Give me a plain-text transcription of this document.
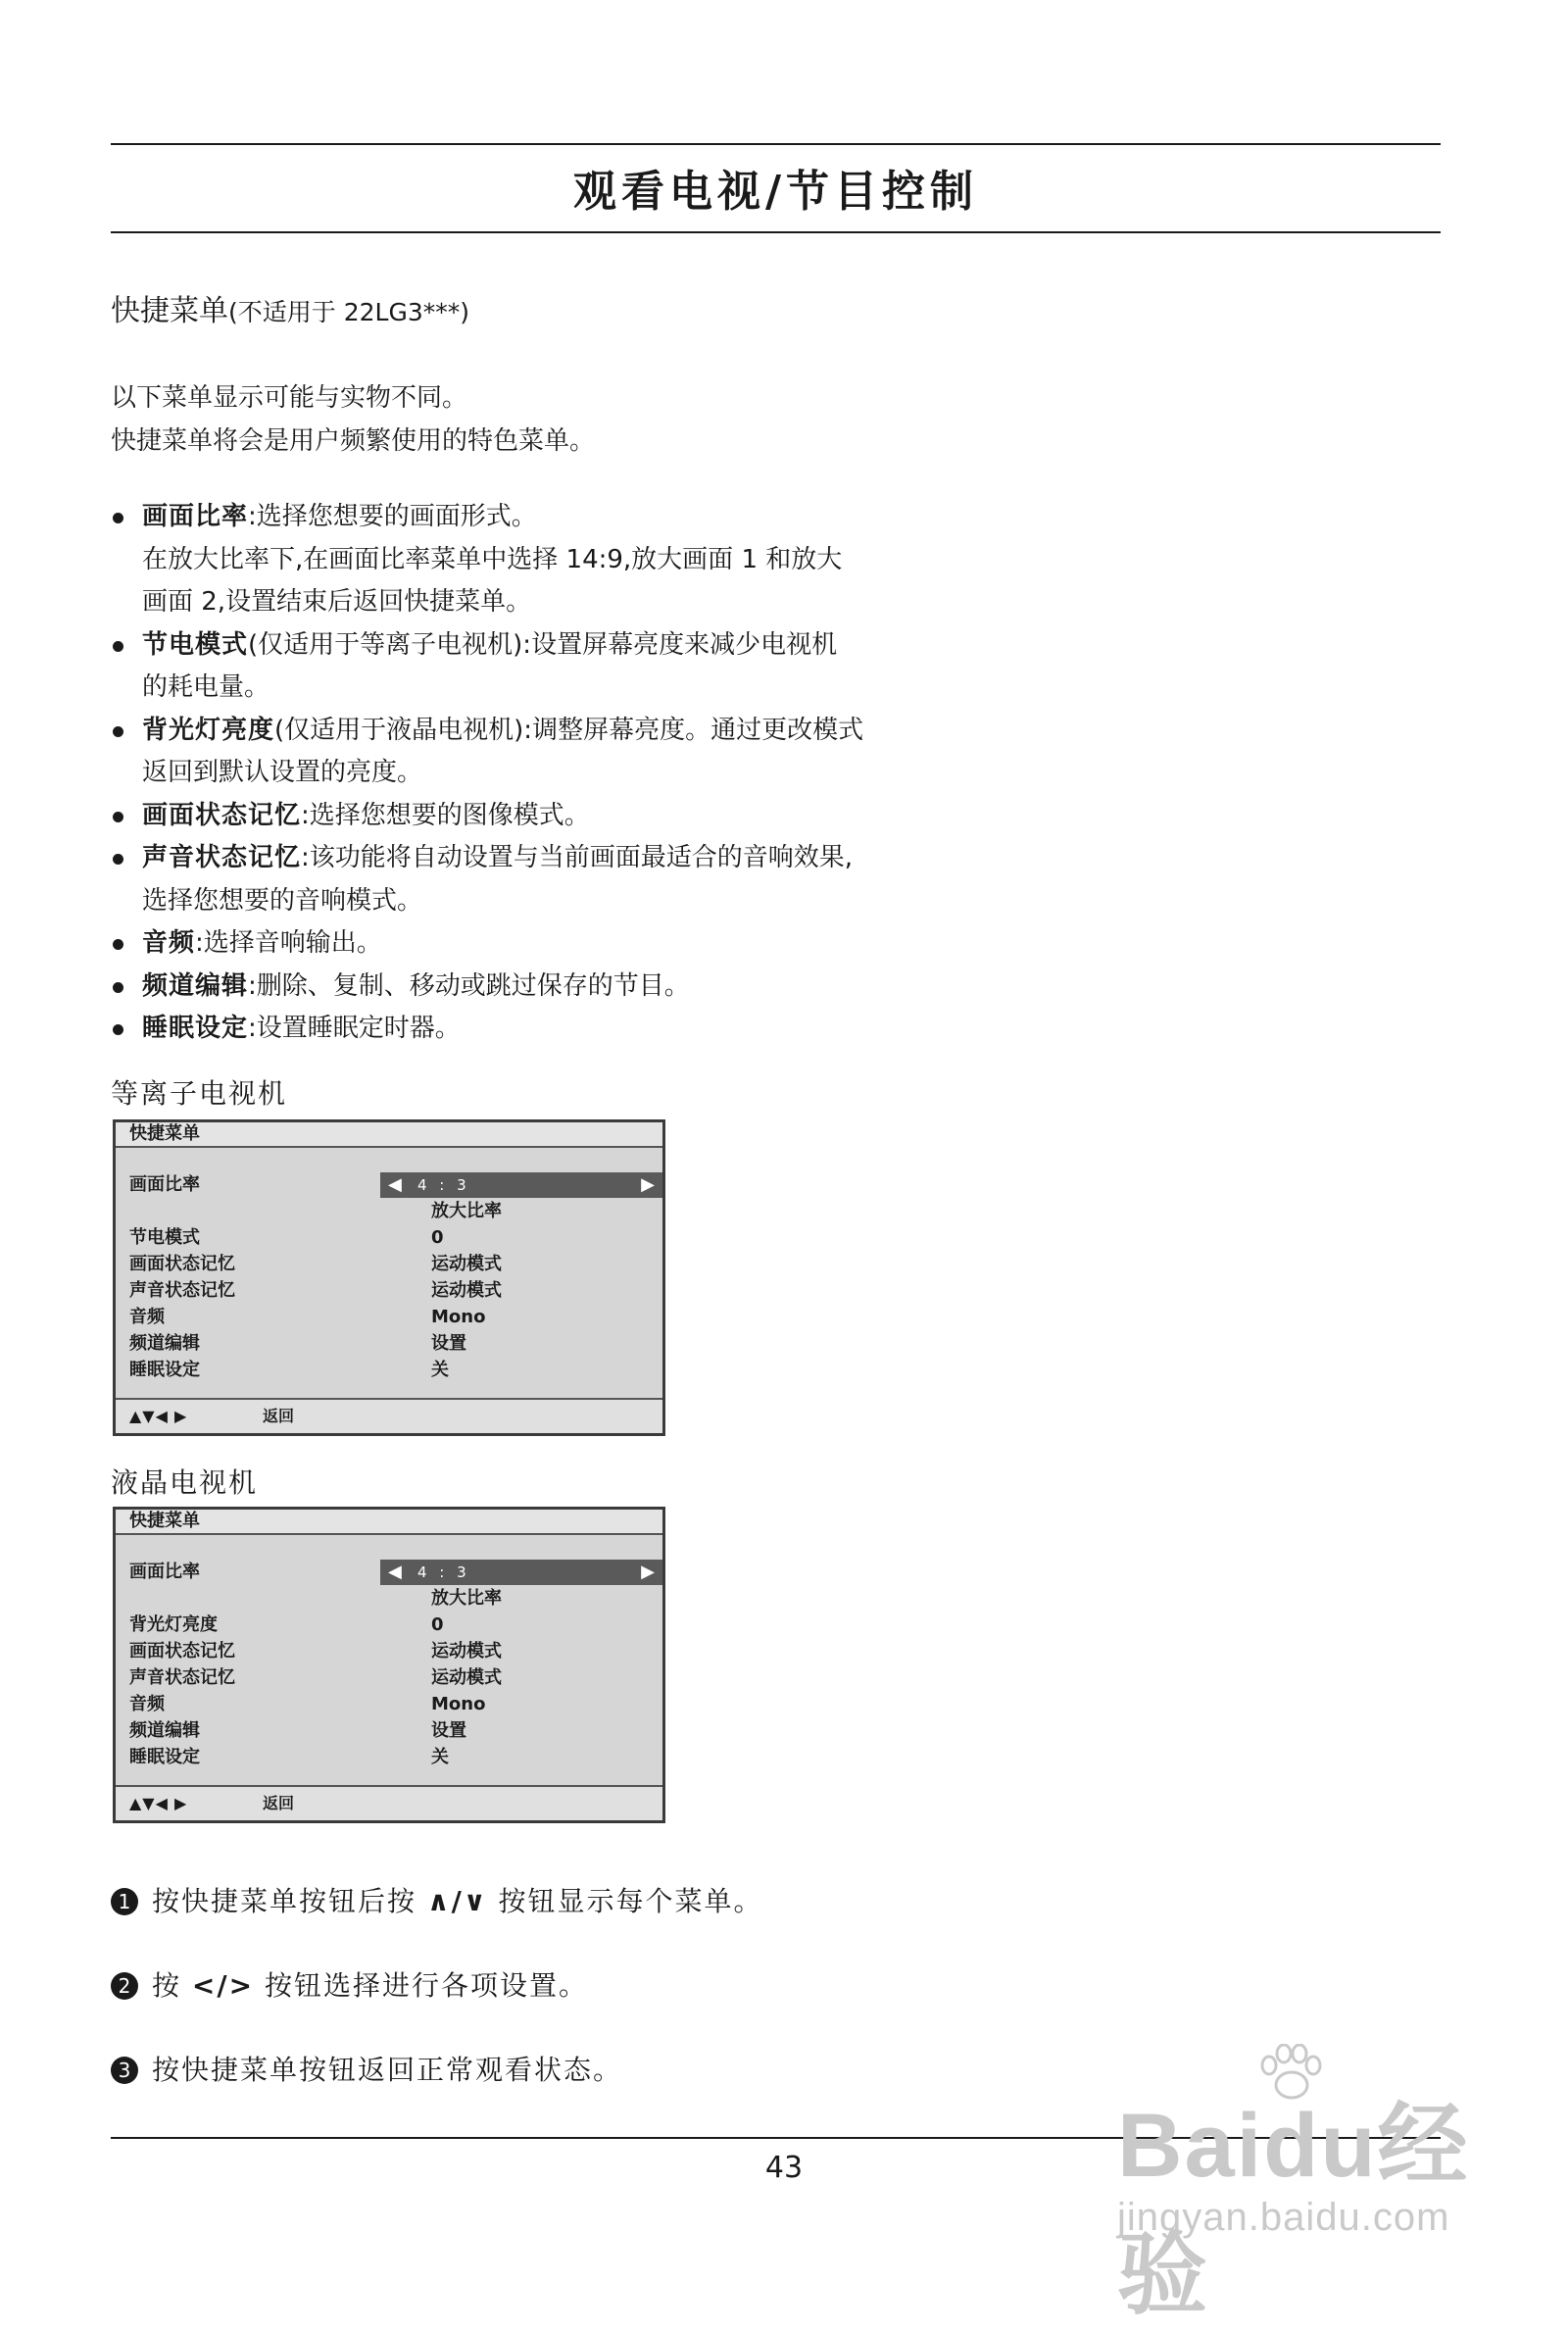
观看电视/节目控制
快捷菜单(不适用于 22LG3***)
以下菜单显示可能与实物不同。
快捷菜单将会是用户频繁使用的特色菜单。
画面比率:选择您想要的画面形式。
在放大比率下,在画面比率菜单中选择 14:9,放大画面 1 和放大
画面 2,设置结束后返回快捷菜单。
节电模式(仅适用于等离子电视机):设置屏幕亮度来减少电视机
的耗电量。
背光灯亮度(仅适用于液晶电视机):调整屏幕亮度。通过更改模式
返回到默认设置的亮度。
画面状态记忆:选择您想要的图像模式。
声音状态记忆:该功能将自动设置与当前画面最适合的音响效果,
选择您想要的音响模式。
音频:选择音响输出。
频道编辑:删除、复制、移动或跳过保存的节目。
睡眠设定:设置睡眠定时器。
等离子电视机
快捷菜单
画面比率	◀ 4 : 3	▶
放大比率
节电模式	0
画面状态记忆	运动模式
声音状态记忆	运动模式
音频	Mono
频道编辑	设置
睡眠设定	关
▲▼◀ ▶	返回
液晶电视机
快捷菜单
画面比率	◀ 4 : 3	▶
放大比率
背光灯亮度	0
画面状态记忆	运动模式
声音状态记忆	运动模式
音频	Mono
频道编辑	设置
睡眠设定	关
▲▼◀ ▶	返回
1 按快捷菜单按钮后按 ∧/∨ 按钮显示每个菜单。
2 按 </> 按钮选择进行各项设置。
3 按快捷菜单按钮返回正常观看状态。
43	Baidu经验
jingyan.baidu.com
